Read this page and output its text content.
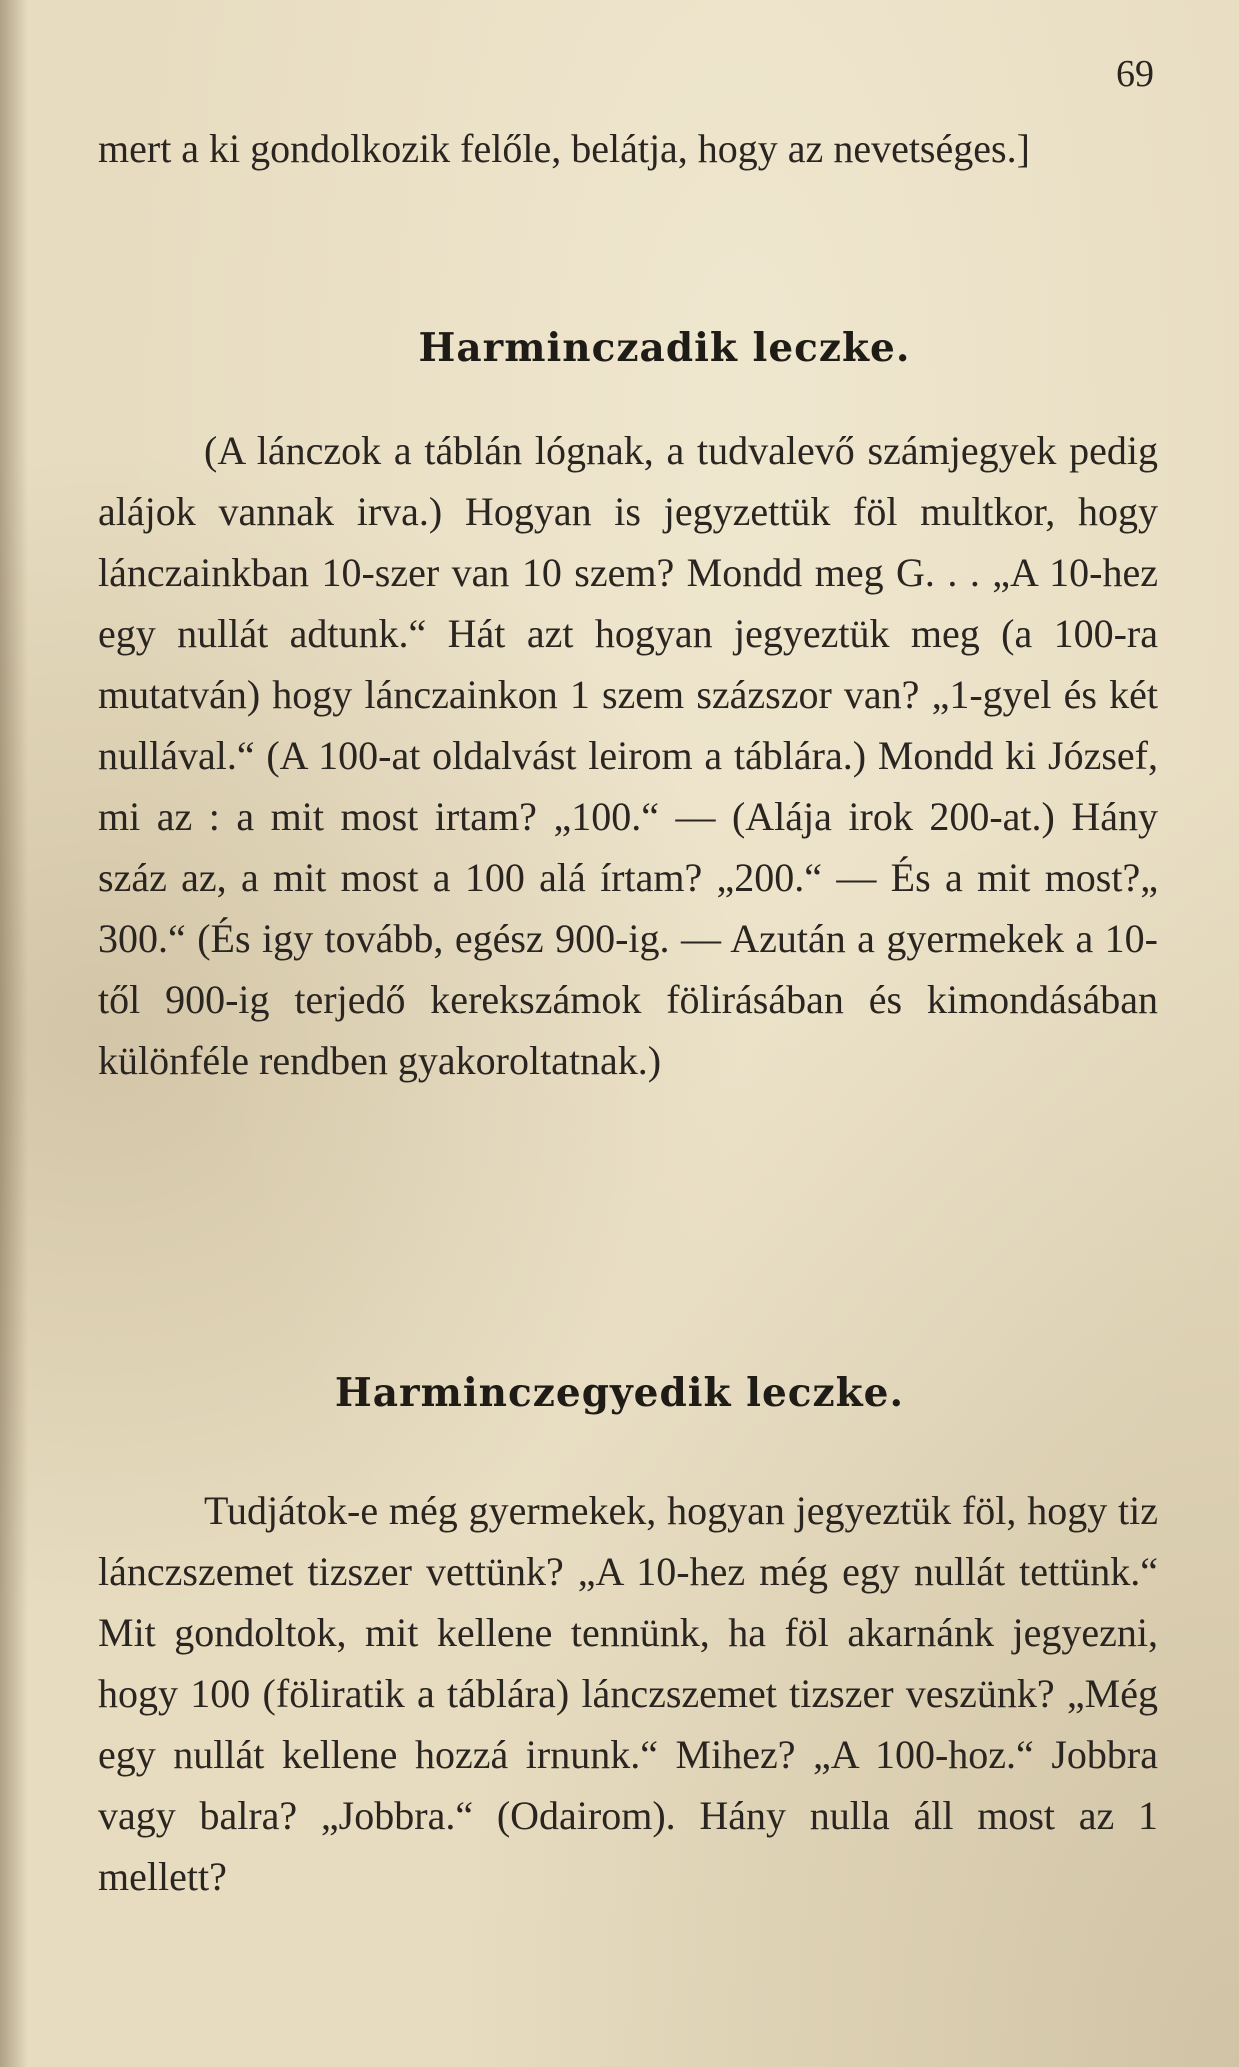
69

mert a ki gondolkozik felőle, belátja, hogy az nevetséges.]

Harminczadik leczke.

(A lánczok a táblán lógnak, a tudvalevő számjegyek pedig alájok vannak irva.) Hogyan is jegyzettük föl multkor, hogy lánczainkban 10-szer van 10 szem? Mondd meg G. . . „A 10-hez egy nullát adtunk.“ Hát azt hogyan jegyeztük meg (a 100-ra mutatván) hogy lánczainkon 1 szem százszor van? „1-gyel és két nullával.“ (A 100-at oldalvást leirom a táblára.) Mondd ki József, mi az : a mit most irtam? „100.“ — (Alája irok 200-at.) Hány száz az, a mit most a 100 alá írtam? „200.“ — És a mit most?„ 300.“ (És igy tovább, egész 900-ig. — Azután a gyermekek a 10-től 900-ig terjedő kerekszámok fölirásában és kimondásában különféle rendben gyakoroltatnak.)

Harminczegyedik leczke.

Tudjátok-e még gyermekek, hogyan jegyeztük föl, hogy tiz lánczszemet tizszer vettünk? „A 10-hez még egy nullát tettünk.“ Mit gondoltok, mit kellene tennünk, ha föl akarnánk jegyezni, hogy 100 (föliratik a táblára) lánczszemet tizszer veszünk? „Még egy nullát kellene hozzá irnunk.“ Mihez? „A 100-hoz.“ Jobbra vagy balra? „Jobbra.“ (Odairom). Hány nulla áll most az 1 mellett?
